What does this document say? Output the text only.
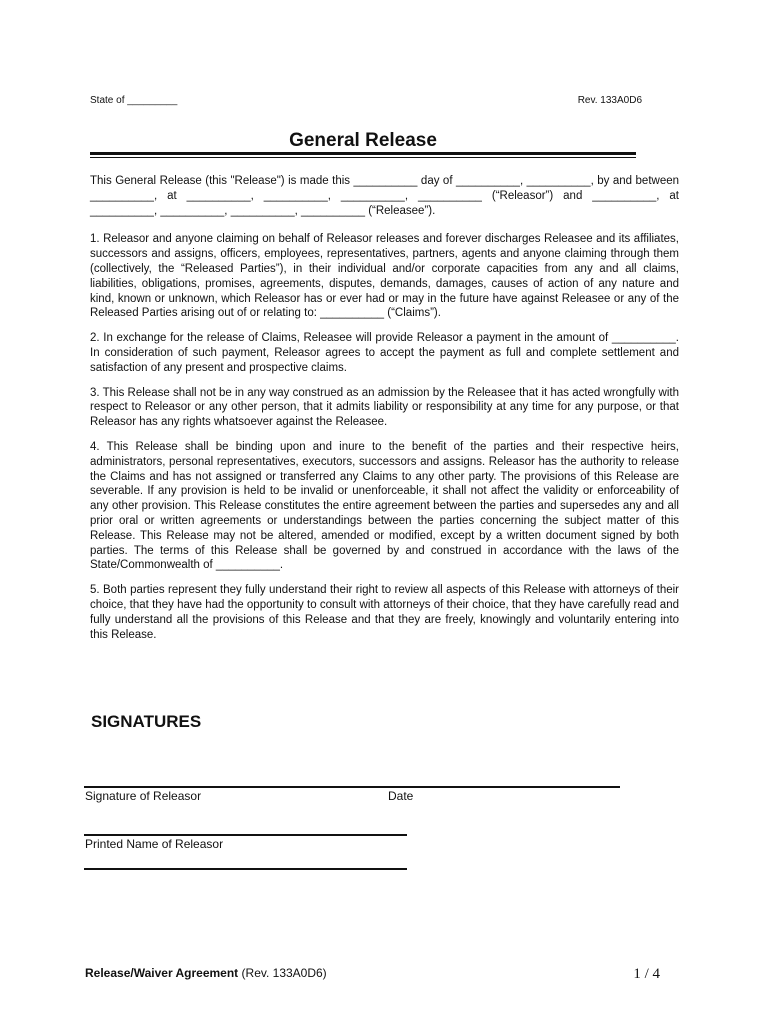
State of _________	Rev. 133A0D6
General Release

This General Release (this "Release") is made this __________ day of __________, __________, by and between __________, at __________, __________, __________, __________ (“Releasor”) and __________, at __________, __________, __________, __________ (“Releasee”).

1. Releasor and anyone claiming on behalf of Releasor releases and forever discharges Releasee and its affiliates, successors and assigns, officers, employees, representatives, partners, agents and anyone claiming through them (collectively, the “Released Parties”), in their individual and/or corporate capacities from any and all claims, liabilities, obligations, promises, agreements, disputes, demands, damages, causes of action of any nature and kind, known or unknown, which Releasor has or ever had or may in the future have against Releasee or any of the Released Parties arising out of or relating to: __________ (“Claims”).

2. In exchange for the release of Claims, Releasee will provide Releasor a payment in the amount of __________. In consideration of such payment, Releasor agrees to accept the payment as full and complete settlement and satisfaction of any present and prospective claims.

3. This Release shall not be in any way construed as an admission by the Releasee that it has acted wrongfully with respect to Releasor or any other person, that it admits liability or responsibility at any time for any purpose, or that Releasor has any rights whatsoever against the Releasee.

4. This Release shall be binding upon and inure to the benefit of the parties and their respective heirs, administrators, personal representatives, executors, successors and assigns. Releasor has the authority to release the Claims and has not assigned or transferred any Claims to any other party. The provisions of this Release are severable. If any provision is held to be invalid or unenforceable, it shall not affect the validity or enforceability of any other provision. This Release constitutes the entire agreement between the parties and supersedes any and all prior oral or written agreements or understandings between the parties concerning the subject matter of this Release. This Release may not be altered, amended or modified, except by a written document signed by both parties. The terms of this Release shall be governed by and construed in accordance with the laws of the State/Commonwealth of __________.

5. Both parties represent they fully understand their right to review all aspects of this Release with attorneys of their choice, that they have had the opportunity to consult with attorneys of their choice, that they have carefully read and fully understand all the provisions of this Release and that they are freely, knowingly and voluntarily entering into this Release.

SIGNATURES
Signature of Releasor	Date
Printed Name of Releasor
Release/Waiver Agreement (Rev. 133A0D6)	1 / 4
